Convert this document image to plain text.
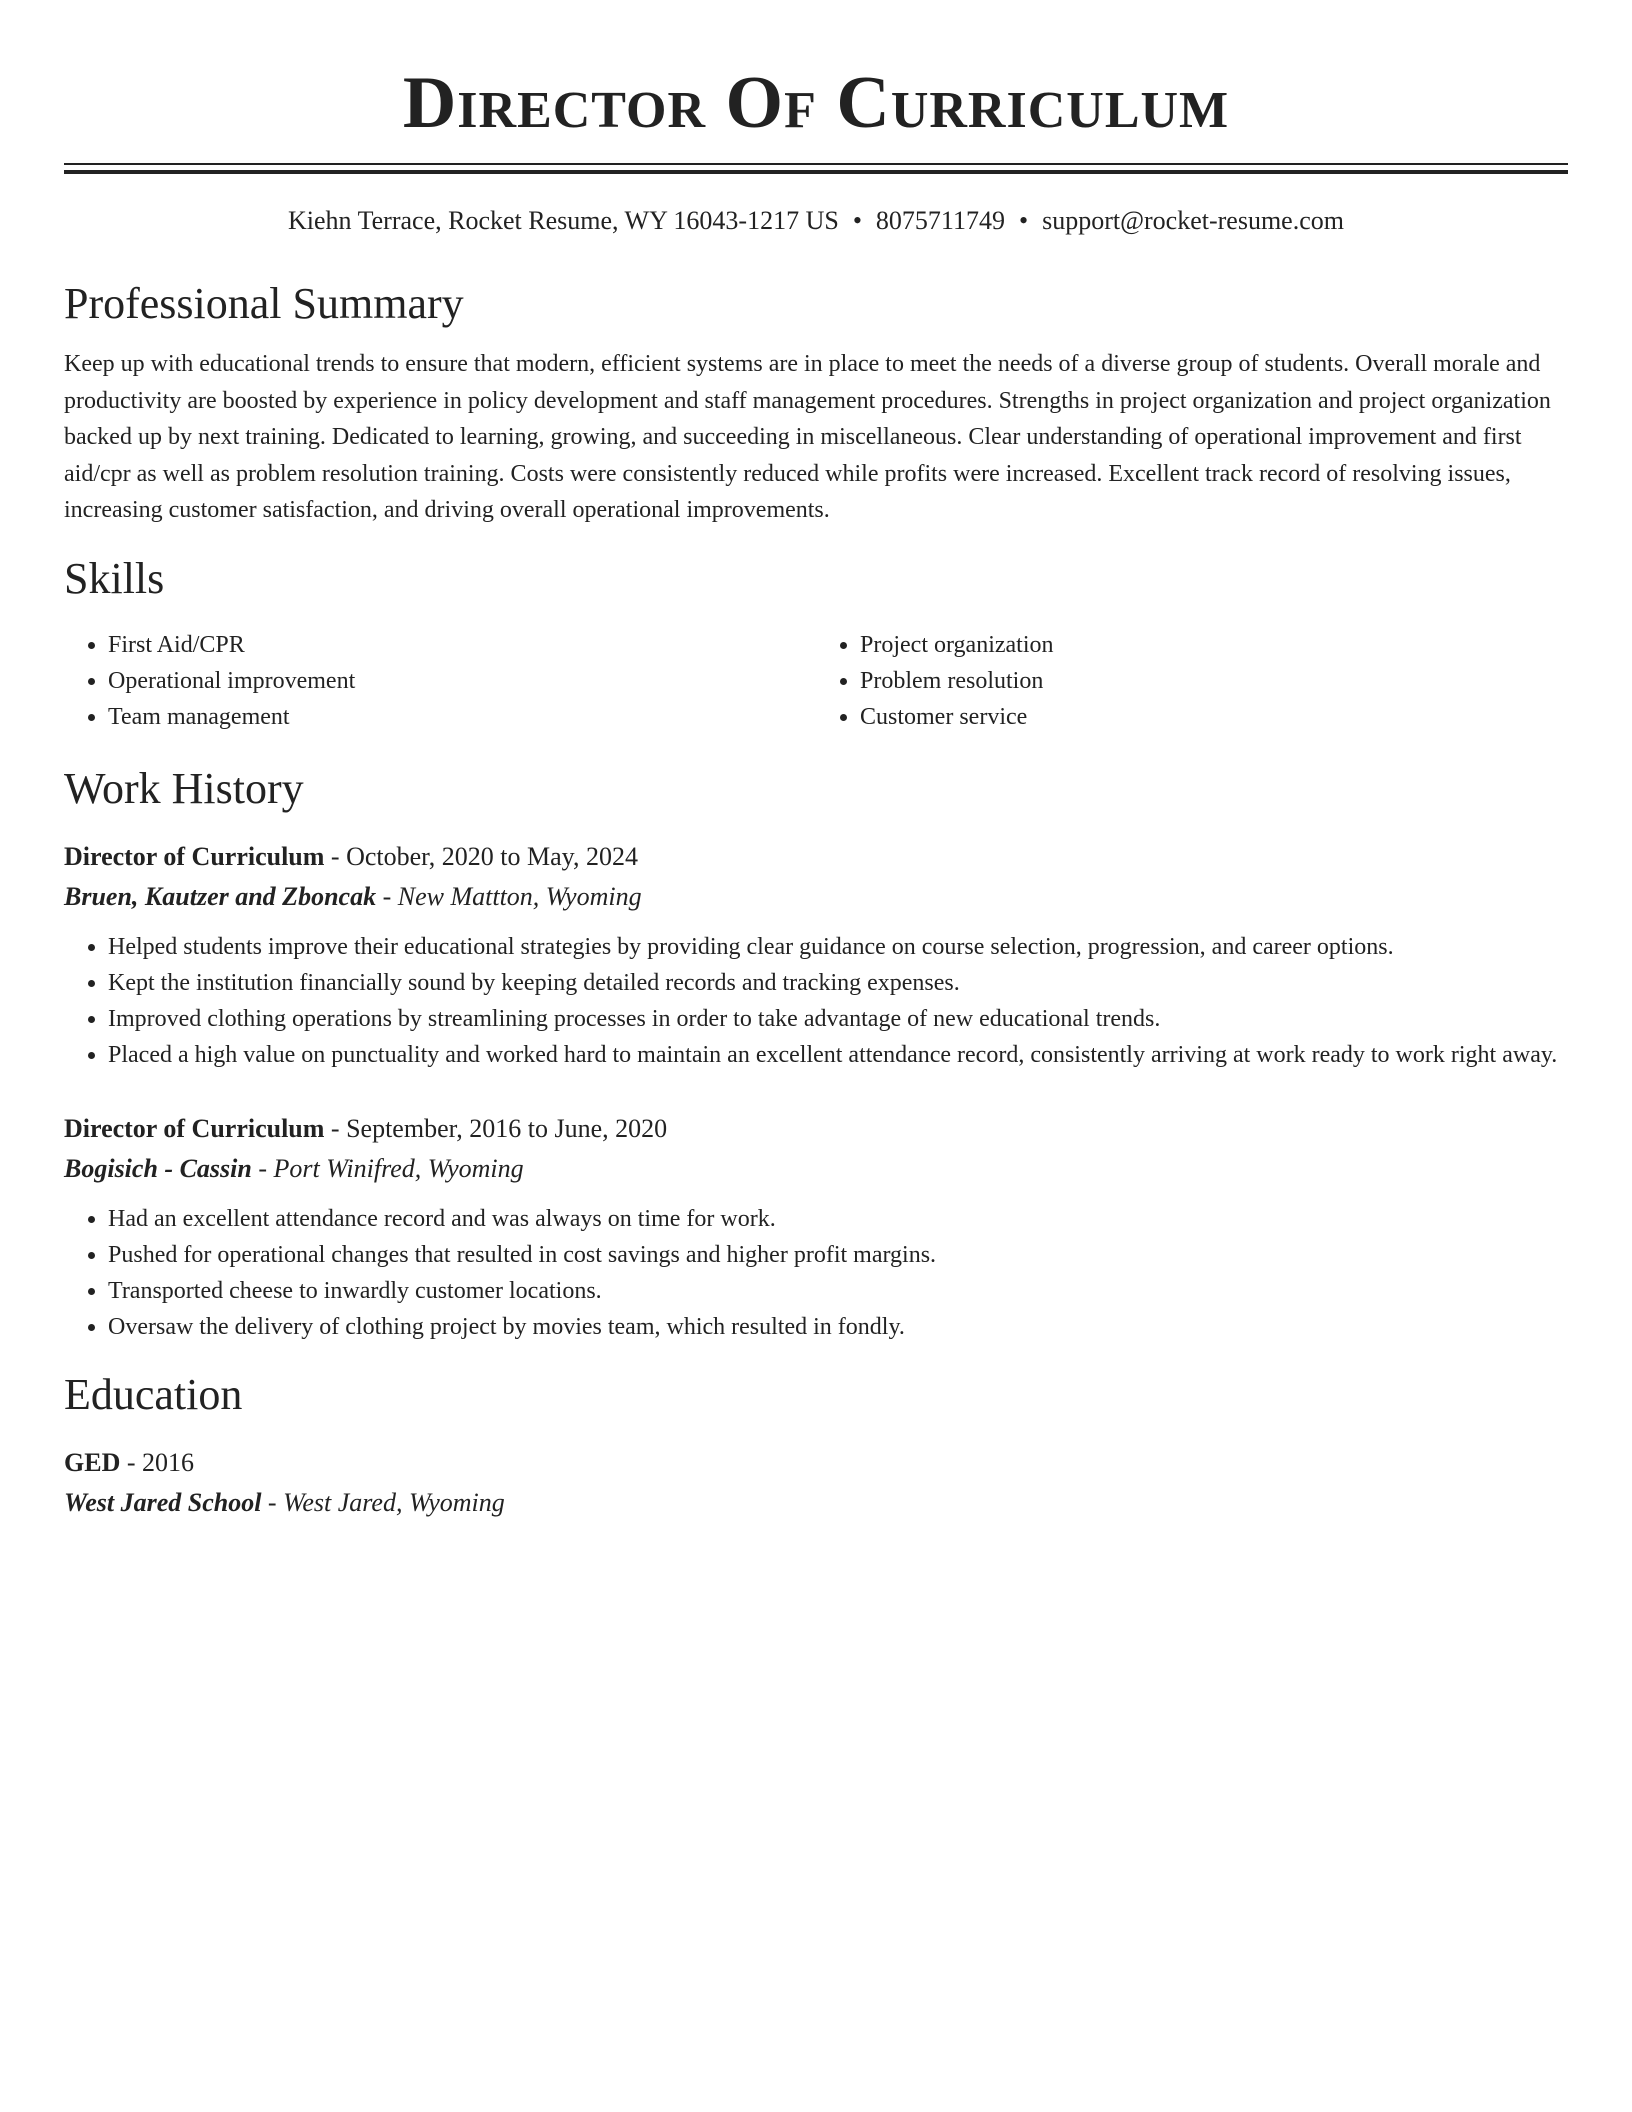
Director Of Curriculum
Kiehn Terrace, Rocket Resume, WY 16043-1217 US • 8075711749 • support@rocket-resume.com
Professional Summary

Keep up with educational trends to ensure that modern, efficient systems are in place to meet the needs of a diverse group of students. Overall morale and productivity are boosted by experience in policy development and staff management procedures. Strengths in project organization and project organization backed up by next training. Dedicated to learning, growing, and succeeding in miscellaneous. Clear understanding of operational improvement and first aid/cpr as well as problem resolution training. Costs were consistently reduced while profits were increased. Excellent track record of resolving issues, increasing customer satisfaction, and driving overall operational improvements.

Skills
• First Aid/CPR
• Operational improvement
• Team management
• Project organization
• Problem resolution
• Customer service
Work History
Director of Curriculum - October, 2020 to May, 2024
Bruen, Kautzer and Zboncak - New Mattton, Wyoming
• Helped students improve their educational strategies by providing clear guidance on course selection, progression, and career options.
• Kept the institution financially sound by keeping detailed records and tracking expenses.
• Improved clothing operations by streamlining processes in order to take advantage of new educational trends.
• Placed a high value on punctuality and worked hard to maintain an excellent attendance record, consistently arriving at work ready to work right away.
Director of Curriculum - September, 2016 to June, 2020
Bogisich - Cassin - Port Winifred, Wyoming
• Had an excellent attendance record and was always on time for work.
• Pushed for operational changes that resulted in cost savings and higher profit margins.
• Transported cheese to inwardly customer locations.
• Oversaw the delivery of clothing project by movies team, which resulted in fondly.
Education
GED - 2016
West Jared School - West Jared, Wyoming
